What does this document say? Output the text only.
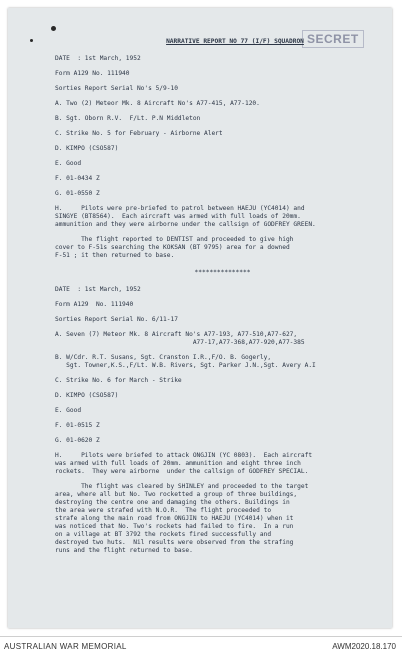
SECRET
NARRATIVE REPORT NO 77 (I/F) SQUADRON
DATE  : 1st March, 1952
Form A129 No. 111940
Sorties Report Serial No's 5/9-10
A. Two (2) Meteor Mk. 8 Aircraft No's A77-415, A77-120.
B. Sgt. Oborn R.V.  F/Lt. P.N Middleton
C. Strike No. 5 for February - Airborne Alert
D. KIMPO (CSO587)
E. Good
F. 01-0434 Z
G. 01-0550 Z
H.     Pilots were pre-briefed to patrol between HAEJU (YC4014) and
SINGYE (BT8564).  Each aircraft was armed with full loads of 20mm.
ammunition and they were airborne under the callsign of GODFREY GREEN.
The flight reported to DENTIST and proceeded to give high
cover to F-51s searching the KOKSAN (BT 9795) area for a downed
F-51 ; it then returned to base.
***************
DATE  : 1st March, 1952
Form A129  No. 111940
Sorties Report Serial No. 6/11-17
A. Seven (7) Meteor Mk. 8 Aircraft No's A77-193, A77-510,A77-627,
A77-17,A77-368,A77-920,A77-385
B. W/Cdr. R.T. Susans, Sgt. Cranston I.R.,F/O. B. Gogerly,
Sgt. Towner,K.S.,F/Lt. W.B. Rivers, Sgt. Parker J.N.,Sgt. Avery A.I
C. Strike No. 6 for March - Strike
D. KIMPO (CSO587)
E. Good
F. 01-0515 Z
G. 01-0620 Z
H.     Pilots were briefed to attack ONGJIN (YC 0803).  Each aircraft
was armed with full loads of 20mm. ammunition and eight three inch
rockets.  They were airborne  under the callsign of GODFREY SPECIAL.
The flight was cleared by SHINLEY and proceeded to the target
area, where all but No. Two rocketted a group of three buildings,
destroying the centre one and damaging the others. Buildings in
the area were strafed with N.O.R.  The flight proceeded to
strafe along the main road from ONGJIN to HAEJU (YC4014) when it
was noticed that No. Two's rockets had failed to fire.  In a run
on a village at BT 3792 the rockets fired successfully and
destroyed two huts.  Nil results were observed from the strafing
runs and the flight returned to base.
AUSTRALIAN WAR MEMORIAL	AWM2020.18.170
